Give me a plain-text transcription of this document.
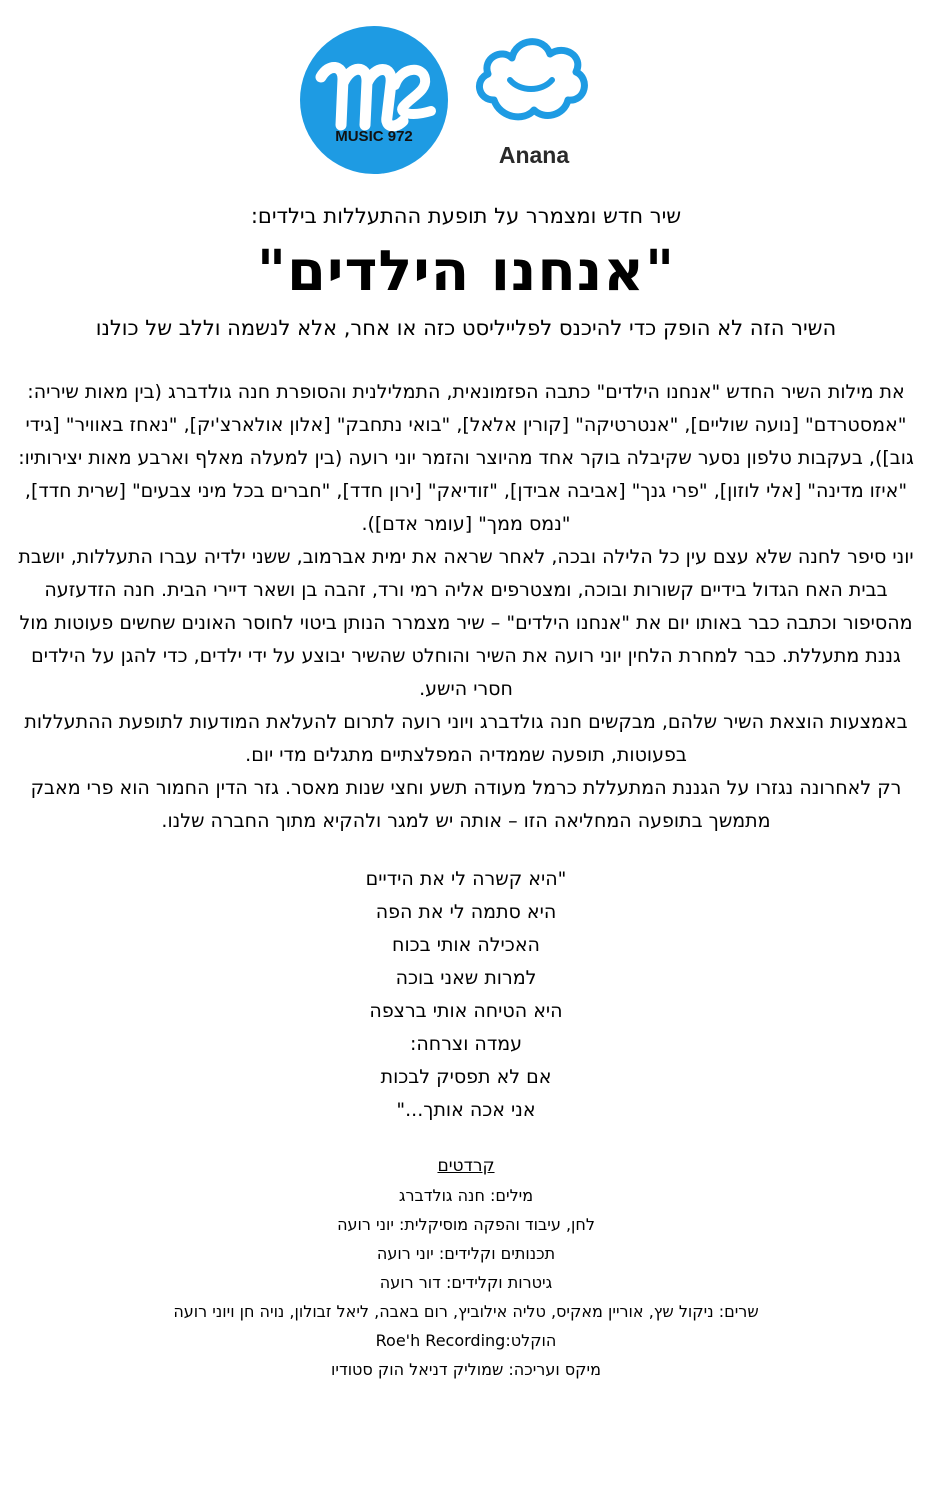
MUSIC 972
Anana

שיר חדש ומצמרר על תופעת ההתעללות בילדים:

"אנחנו הילדים"

השיר הזה לא הופק כדי להיכנס לפלייליסט כזה או אחר, אלא לנשמה וללב של כולנו

את מילות השיר החדש "אנחנו הילדים" כתבה הפזמונאית, התמלילנית והסופרת חנה גולדברג (בין מאות שיריה: "אמסטרדם" [נועה שוליים], "אנטרטיקה" [קורין אלאל], "בואי נתחבק" [אלון אולארצ'יק], "נאחז באוויר" [גידי גוב]), בעקבות טלפון נסער שקיבלה בוקר אחד מהיוצר והזמר יוני רועה (בין למעלה מאלף וארבע מאות יצירותיו: "איזו מדינה" [אלי לוזון], "פרי גנך" [אביבה אבידן], "זודיאק" [ירון חדד], "חברים בכל מיני צבעים" [שרית חדד], "נמס ממך" [עומר אדם]).

יוני סיפר לחנה שלא עצם עין כל הלילה ובכה, לאחר שראה את ימית אברמוב, ששני ילדיה עברו התעללות, יושבת בבית האח הגדול בידיים קשורות ובוכה, ומצטרפים אליה רמי ורד, זהבה בן ושאר דיירי הבית. חנה הזדעזעה מהסיפור וכתבה כבר באותו יום את "אנחנו הילדים" – שיר מצמרר הנותן ביטוי לחוסר האונים שחשים פעוטות מול גננת מתעללת. כבר למחרת הלחין יוני רועה את השיר והוחלט שהשיר יבוצע על ידי ילדים, כדי להגן על הילדים חסרי הישע.

באמצעות הוצאת השיר שלהם, מבקשים חנה גולדברג ויוני רועה לתרום להעלאת המודעות לתופעת ההתעללות בפעוטות, תופעה שממדיה המפלצתיים מתגלים מדי יום.

רק לאחרונה נגזרו על הגננת המתעללת כרמל מעודה תשע וחצי שנות מאסר. גזר הדין החמור הוא פרי מאבק מתמשך בתופעה המחליאה הזו – אותה יש למגר ולהקיא מתוך החברה שלנו.

"היא קשרה לי את הידיים

היא סתמה לי את הפה

האכילה אותי בכוח

למרות שאני בוכה

היא הטיחה אותי ברצפה

עמדה וצרחה:

אם לא תפסיק לבכות

אני אכה אותך..."

קרדטים

מילים: חנה גולדברג

לחן, עיבוד והפקה מוסיקלית: יוני רועה

תכנותים וקלידים: יוני רועה

גיטרות וקלידים: דור רועה

שרים: ניקול שץ, אוריין מאקיס, טליה אילוביץ, רום באבה, ליאל זבולון, נויה חן ויוני רועה

הוקלט:Roe'h Recording

מיקס ועריכה: שמוליק דניאל הוק סטודיו
